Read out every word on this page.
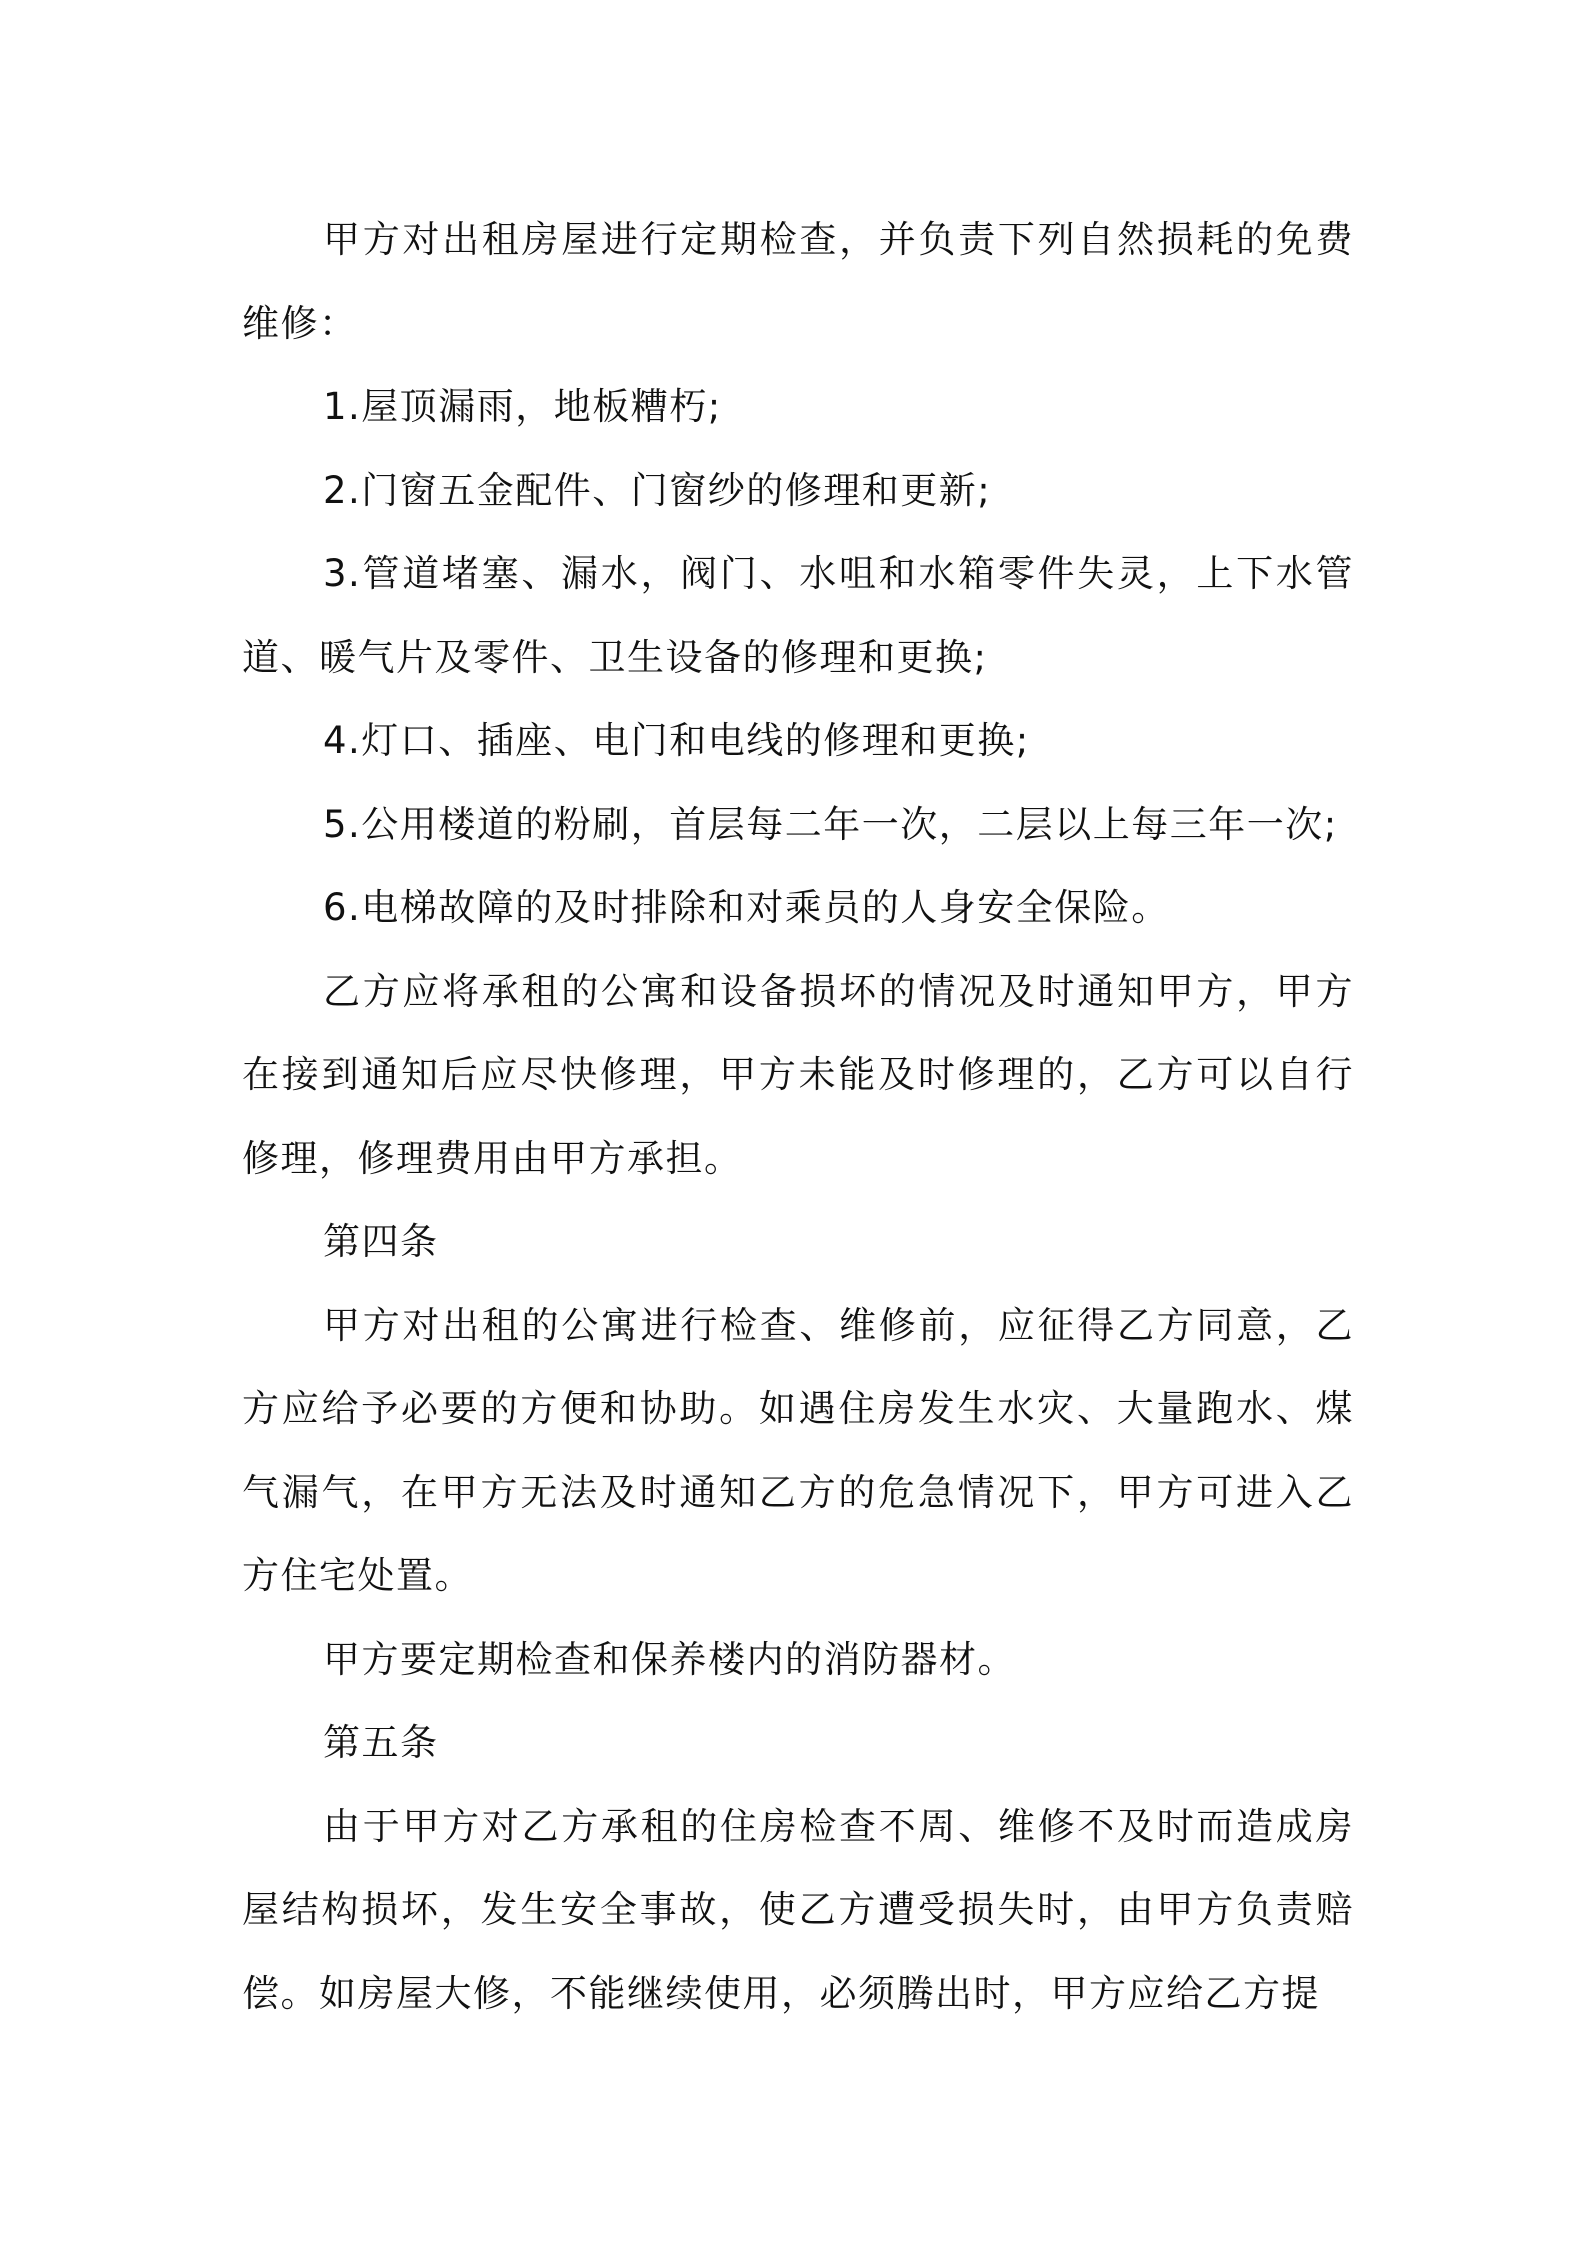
甲方对出租房屋进行定期检查，并负责下列自然损耗的免费维修：

1.屋顶漏雨，地板糟朽;

2.门窗五金配件、门窗纱的修理和更新;

3.管道堵塞、漏水，阀门、水咀和水箱零件失灵，上下水管道、暖气片及零件、卫生设备的修理和更换;

4.灯口、插座、电门和电线的修理和更换;

5.公用楼道的粉刷，首层每二年一次，二层以上每三年一次;

6.电梯故障的及时排除和对乘员的人身安全保险。

乙方应将承租的公寓和设备损坏的情况及时通知甲方，甲方在接到通知后应尽快修理，甲方未能及时修理的，乙方可以自行修理，修理费用由甲方承担。

第四条

甲方对出租的公寓进行检查、维修前，应征得乙方同意，乙方应给予必要的方便和协助。如遇住房发生水灾、大量跑水、煤气漏气，在甲方无法及时通知乙方的危急情况下，甲方可进入乙方住宅处置。

甲方要定期检查和保养楼内的消防器材。

第五条

由于甲方对乙方承租的住房检查不周、维修不及时而造成房屋结构损坏，发生安全事故，使乙方遭受损失时，由甲方负责赔偿。如房屋大修，不能继续使用，必须腾出时，甲方应给乙方提
